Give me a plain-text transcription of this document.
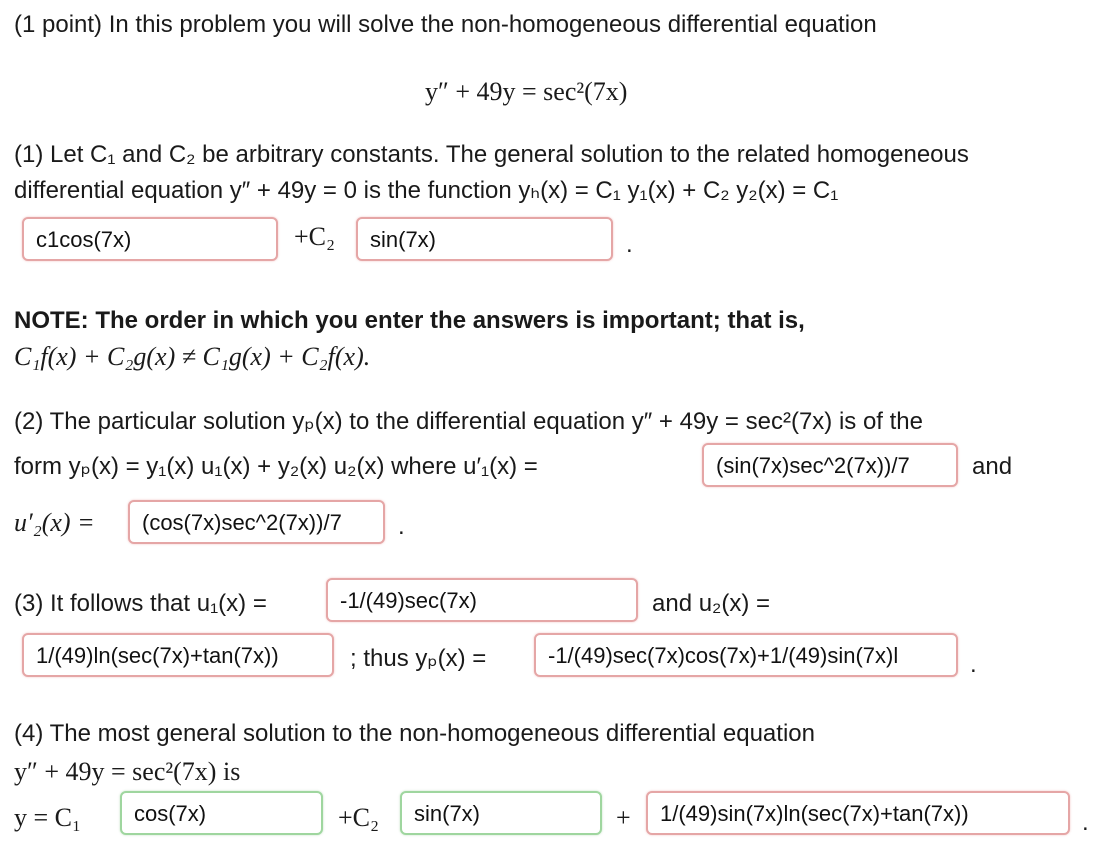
(1 point) In this problem you will solve the non-homogeneous differential equation
y″ + 49y = sec²(7x)
(1) Let C₁ and C₂ be arbitrary constants. The general solution to the related homogeneous
differential equation y″ + 49y = 0 is the function yₕ(x) = C₁ y₁(x) + C₂ y₂(x) = C₁
c1cos(7x)	+C₂	sin(7x)	.
NOTE: The order in which you enter the answers is important; that is,
C₁f(x) + C₂g(x) ≠ C₁g(x) + C₂f(x).
(2) The particular solution yₚ(x) to the differential equation y″ + 49y = sec²(7x) is of the
form yₚ(x) = y₁(x) u₁(x) + y₂(x) u₂(x) where u′₁(x) =	(sin(7x)sec^2(7x))/7	and
u′₂(x) =	(cos(7x)sec^2(7x))/7	.
(3) It follows that u₁(x) =	-1/(49)sec(7x)	and u₂(x) =
1/(49)ln(sec(7x)+tan(7x))	; thus yₚ(x) =	-1/(49)sec(7x)cos(7x)+1/(49)sin(7x)l	.
(4) The most general solution to the non-homogeneous differential equation
y″ + 49y = sec²(7x) is
y = C₁	cos(7x)	+C₂	sin(7x)	+	1/(49)sin(7x)ln(sec(7x)+tan(7x))	.
